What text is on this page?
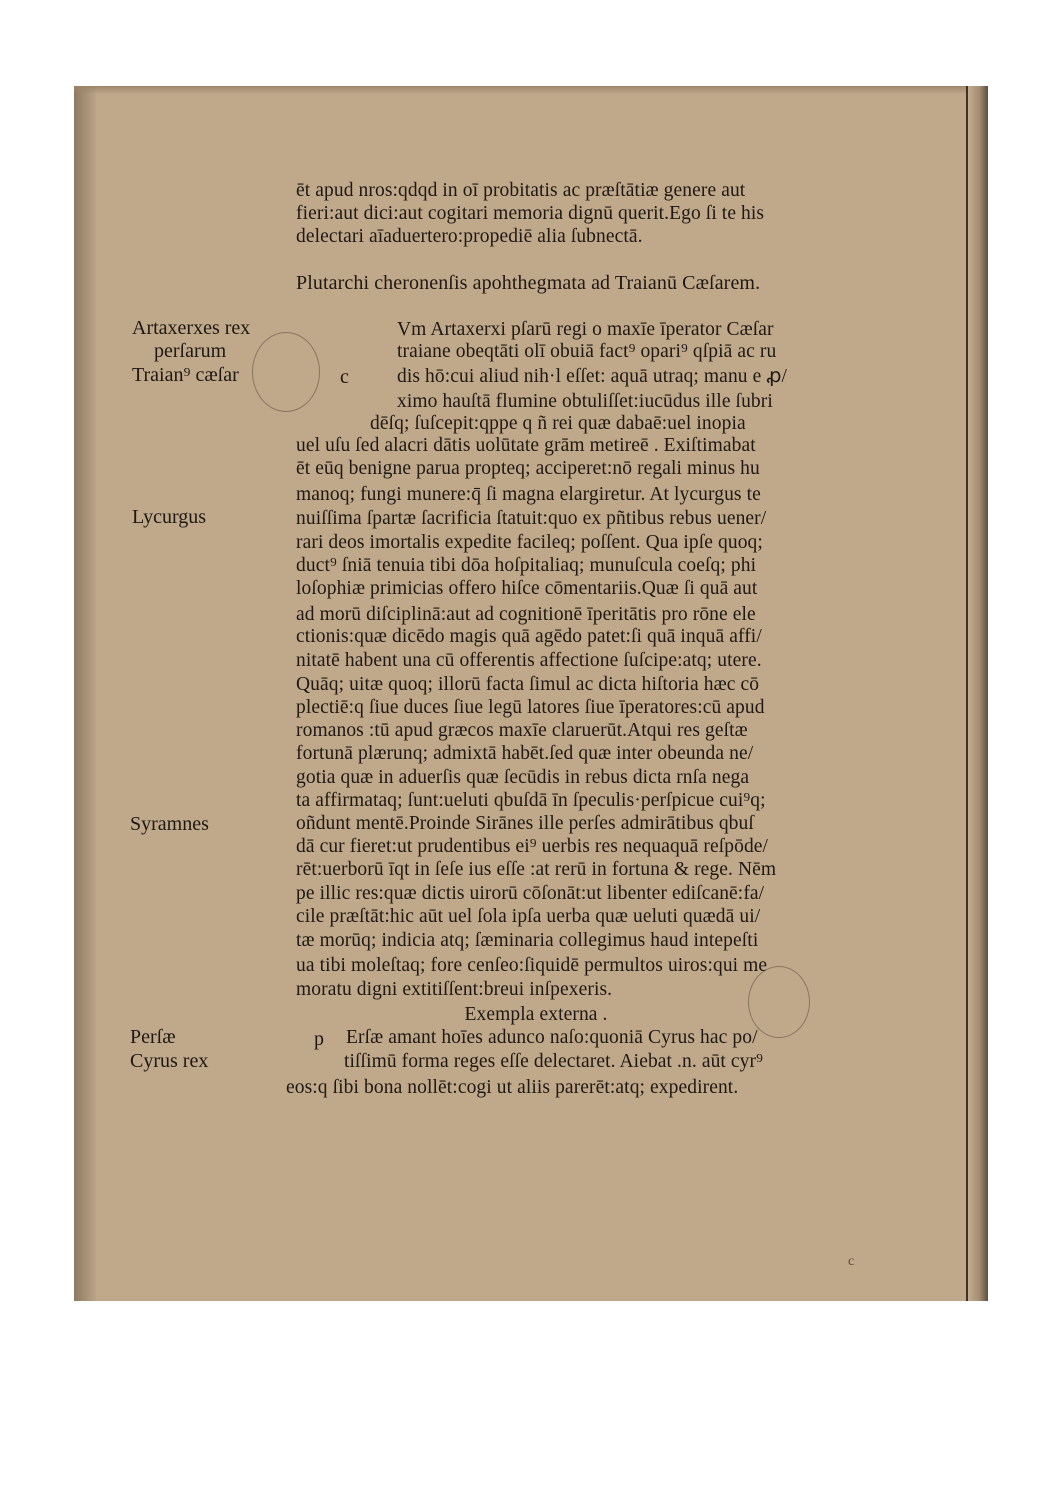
ēt apud nros:qdqd in oī probitatis ac præſtātiæ genere aut
fieri:aut dici:aut cogitari memoria dignū querit.Ego ſi te his
delectari aīaduertero:propediē alia ſubnectā.
Plutarchi cheronenſis apohthegmata ad Traianū Cæſarem.
c
Vm Artaxerxi pſarū regi o maxīe īperator Cæſar
traiane obeqtāti olī obuiā fact⁹ opari⁹ qſpiā ac ru
dis hō:cui aliud nih·l eſſet: aquā utraq; manu e ꝓ/
ximo hauſtā flumine obtuliſſet:iucūdus ille ſubri
dēſq; ſuſcepit:qppe q ñ rei quæ dabaē:uel inopia
uel uſu ſed alacri dātis uolūtate grām metireē . Exiſtimabat
ēt eūq benigne parua propteq; acciperet:nō regali minus hu
manoq; fungi munere:q̄ ſi magna elargiretur. At lycurgus te
nuiſſima ſpartæ ſacrificia ſtatuit:quo ex pñtibus rebus uener/
rari deos imortalis expedite facileq; poſſent. Qua ipſe quoq;
duct⁹ ſniā tenuia tibi dōa hoſpitaliaq; munuſcula coeſq; phi
loſophiæ primicias offero hiſce cōmentariis.Quæ ſi quā aut
ad morū diſciplinā:aut ad cognitionē īperitātis pro rōne ele
ctionis:quæ dicēdo magis quā agēdo patet:ſi quā inquā affi/
nitatē habent una cū offerentis affectione ſuſcipe:atq; utere.
Quāq; uitæ quoq; illorū facta ſimul ac dicta hiſtoria hæc cō
plectiē:q ſiue duces ſiue legū latores ſiue īperatores:cū apud
romanos :tū apud græcos maxīe claruerūt.Atqui res geſtæ
fortunā plærunq; admixtā habēt.ſed quæ inter obeunda ne/
gotia quæ in aduerſis quæ ſecūdis in rebus dicta rnſa nega
ta affirmataq; ſunt:ueluti qbuſdā īn ſpeculis·perſpicue cui⁹q;
oñdunt mentē.Proinde Sirānes ille perſes admirātibus qbuſ
dā cur fieret:ut prudentibus ei⁹ uerbis res nequaquā reſpōde/
rēt:uerborū īqt in ſeſe ius eſſe :at rerū in fortuna & rege. Nēm
pe illic res:quæ dictis uirorū cōſonāt:ut libenter ediſcanē:fa/
cile præſtāt:hic aūt uel ſola ipſa uerba quæ ueluti quædā ui/
tæ morūq; indicia atq; ſæminaria collegimus haud intepeſti
ua tibi moleſtaq; fore cenſeo:ſiquidē permultos uiros:qui me
moratu digni extitiſſent:breui inſpexeris.
Exempla externa .
p Erſæ amant hoīes adunco naſo:quoniā Cyrus hac po/
tiſſimū forma reges eſſe delectaret. Aiebat .n. aūt cyr⁹
eos:q ſibi bona nollēt:cogi ut aliis parerēt:atq; expedirent.
Artaxerxes rex
perſarum
Traian⁹ cæſar
Lycurgus
Syramnes
Perſæ
Cyrus rex
c
